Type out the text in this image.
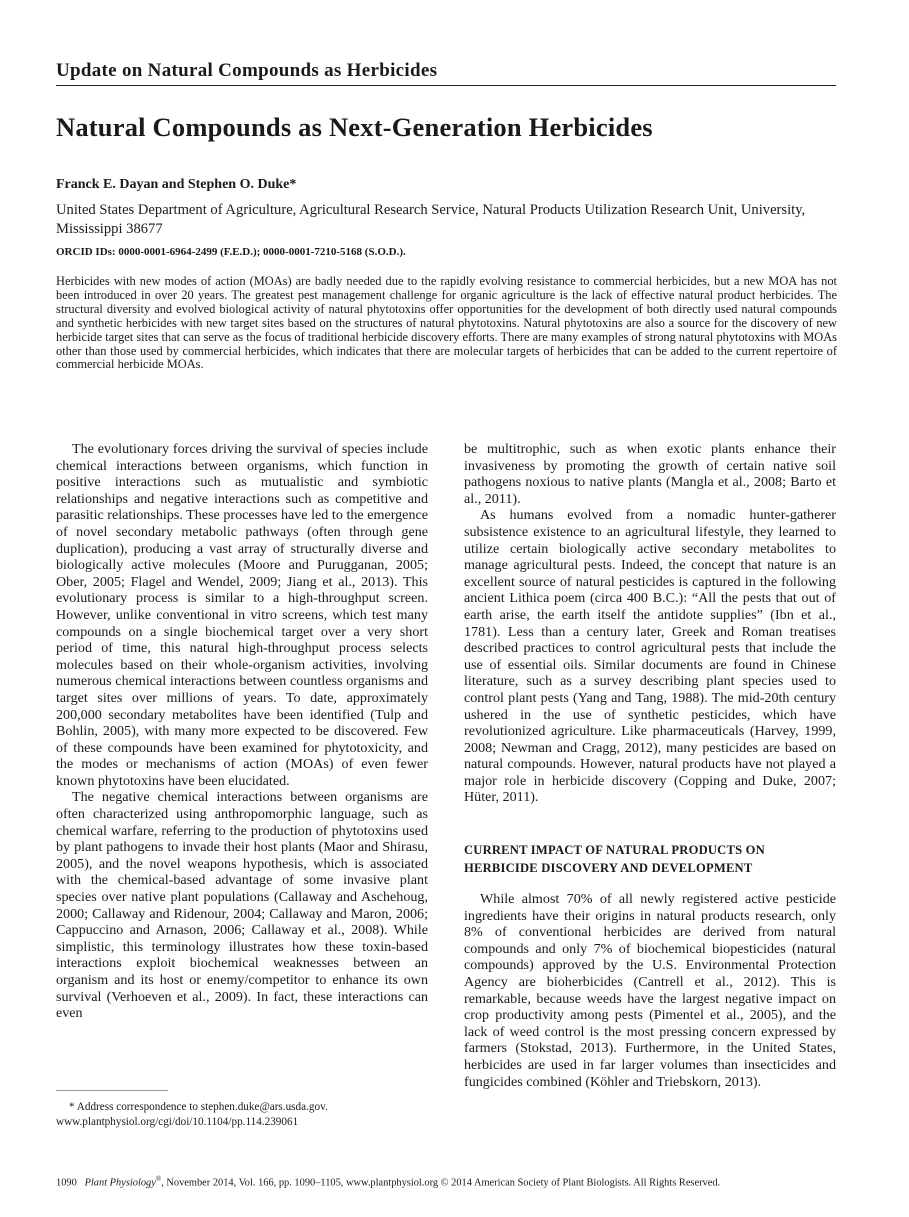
Update on Natural Compounds as Herbicides
Natural Compounds as Next-Generation Herbicides
Franck E. Dayan and Stephen O. Duke*
United States Department of Agriculture, Agricultural Research Service, Natural Products Utilization Research Unit, University, Mississippi 38677
ORCID IDs: 0000-0001-6964-2499 (F.E.D.); 0000-0001-7210-5168 (S.O.D.).
Herbicides with new modes of action (MOAs) are badly needed due to the rapidly evolving resistance to commercial herbicides, but a new MOA has not been introduced in over 20 years. The greatest pest management challenge for organic agriculture is the lack of effective natural product herbicides. The structural diversity and evolved biological activity of natural phytotoxins offer opportunities for the development of both directly used natural compounds and synthetic herbicides with new target sites based on the structures of natural phytotoxins. Natural phytotoxins are also a source for the discovery of new herbicide target sites that can serve as the focus of traditional herbicide discovery efforts. There are many examples of strong natural phytotoxins with MOAs other than those used by commercial herbicides, which indicates that there are molecular targets of herbicides that can be added to the current repertoire of commercial herbicide MOAs.

The evolutionary forces driving the survival of species include chemical interactions between organisms, which function in positive interactions such as mutualistic and symbiotic relationships and negative interactions such as competitive and parasitic relationships. These processes have led to the emergence of novel secondary metabolic pathways (often through gene duplication), producing a vast array of structurally diverse and biologically active molecules (Moore and Purugganan, 2005; Ober, 2005; Flagel and Wendel, 2009; Jiang et al., 2013). This evolutionary process is similar to a high-throughput screen. However, unlike conventional in vitro screens, which test many compounds on a single biochemical target over a very short period of time, this natural high-throughput process selects molecules based on their whole-organism activities, involving numerous chemical interactions between countless organisms and target sites over millions of years. To date, approximately 200,000 secondary metabolites have been identified (Tulp and Bohlin, 2005), with many more expected to be discovered. Few of these compounds have been examined for phytotoxicity, and the modes or mechanisms of action (MOAs) of even fewer known phytotoxins have been elucidated.

The negative chemical interactions between organisms are often characterized using anthropomorphic language, such as chemical warfare, referring to the production of phytotoxins used by plant pathogens to invade their host plants (Maor and Shirasu, 2005), and the novel weapons hypothesis, which is associated with the chemical-based advantage of some invasive plant species over native plant populations (Callaway and Aschehoug, 2000; Callaway and Ridenour, 2004; Callaway and Maron, 2006; Cappuccino and Arnason, 2006; Callaway et al., 2008). While simplistic, this terminology illustrates how these toxin-based interactions exploit biochemical weaknesses between an organism and its host or enemy/competitor to enhance its own survival (Verhoeven et al., 2009). In fact, these interactions can even

be multitrophic, such as when exotic plants enhance their invasiveness by promoting the growth of certain native soil pathogens noxious to native plants (Mangla et al., 2008; Barto et al., 2011).

As humans evolved from a nomadic hunter-gatherer subsistence existence to an agricultural lifestyle, they learned to utilize certain biologically active secondary metabolites to manage agricultural pests. Indeed, the concept that nature is an excellent source of natural pesticides is captured in the following ancient Lithica poem (circa 400 B.C.): “All the pests that out of earth arise, the earth itself the antidote supplies” (Ibn et al., 1781). Less than a century later, Greek and Roman treatises described practices to control agricultural pests that include the use of essential oils. Similar documents are found in Chinese literature, such as a survey describing plant species used to control plant pests (Yang and Tang, 1988). The mid-20th century ushered in the use of synthetic pesticides, which have revolutionized agriculture. Like pharmaceuticals (Harvey, 1999, 2008; Newman and Cragg, 2012), many pesticides are based on natural compounds. However, natural products have not played a major role in herbicide discovery (Copping and Duke, 2007; Hüter, 2011).

CURRENT IMPACT OF NATURAL PRODUCTS ON HERBICIDE DISCOVERY AND DEVELOPMENT

While almost 70% of all newly registered active pesticide ingredients have their origins in natural products research, only 8% of conventional herbicides are derived from natural compounds and only 7% of biochemical biopesticides (natural compounds) approved by the U.S. Environmental Protection Agency are bioherbicides (Cantrell et al., 2012). This is remarkable, because weeds have the largest negative impact on crop productivity among pests (Pimentel et al., 2005), and the lack of weed control is the most pressing concern expressed by farmers (Stokstad, 2013). Furthermore, in the United States, herbicides are used in far larger volumes than insecticides and fungicides combined (Köhler and Triebskorn, 2013).

* Address correspondence to stephen.duke@ars.usda.gov.
www.plantphysiol.org/cgi/doi/10.1104/pp.114.239061
1090 Plant Physiology®, November 2014, Vol. 166, pp. 1090–1105, www.plantphysiol.org © 2014 American Society of Plant Biologists. All Rights Reserved.
